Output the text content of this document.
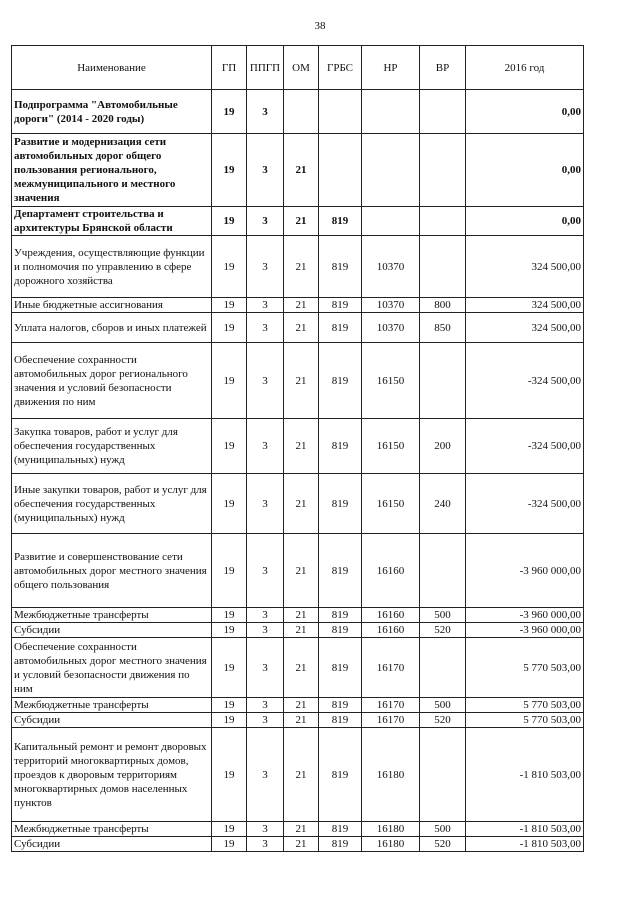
38
Наименование	ГП	ППГП	ОМ	ГРБС	НР	ВР	2016 год
Подпрограмма "Автомобильные дороги" (2014 - 2020 годы)	19	3					0,00
Развитие и модернизация сети автомобильных дорог общего пользования регионального, межмуниципального и местного значения	19	3	21				0,00
Департамент строительства и архитектуры Брянской области	19	3	21	819			0,00
Учреждения, осуществляющие функции и полномочия по управлению в сфере дорожного хозяйства	19	3	21	819	10370		324 500,00
Иные бюджетные ассигнования	19	3	21	819	10370	800	324 500,00
Уплата налогов, сборов и иных платежей	19	3	21	819	10370	850	324 500,00
Обеспечение сохранности автомобильных дорог регионального значения и условий безопасности движения по ним	19	3	21	819	16150		-324 500,00
Закупка товаров, работ и услуг для обеспечения государственных (муниципальных) нужд	19	3	21	819	16150	200	-324 500,00
Иные закупки товаров, работ и услуг для обеспечения государственных (муниципальных) нужд	19	3	21	819	16150	240	-324 500,00
Развитие и совершенствование сети автомобильных дорог местного значения общего пользования	19	3	21	819	16160		-3 960 000,00
Межбюджетные трансферты	19	3	21	819	16160	500	-3 960 000,00
Субсидии	19	3	21	819	16160	520	-3 960 000,00
Обеспечение сохранности автомобильных дорог местного значения и условий безопасности движения по ним	19	3	21	819	16170		5 770 503,00
Межбюджетные трансферты	19	3	21	819	16170	500	5 770 503,00
Субсидии	19	3	21	819	16170	520	5 770 503,00
Капитальный ремонт и ремонт дворовых территорий многоквартирных домов, проездов к дворовым территориям многоквартирных домов населенных пунктов	19	3	21	819	16180		-1 810 503,00
Межбюджетные трансферты	19	3	21	819	16180	500	-1 810 503,00
Субсидии	19	3	21	819	16180	520	-1 810 503,00
